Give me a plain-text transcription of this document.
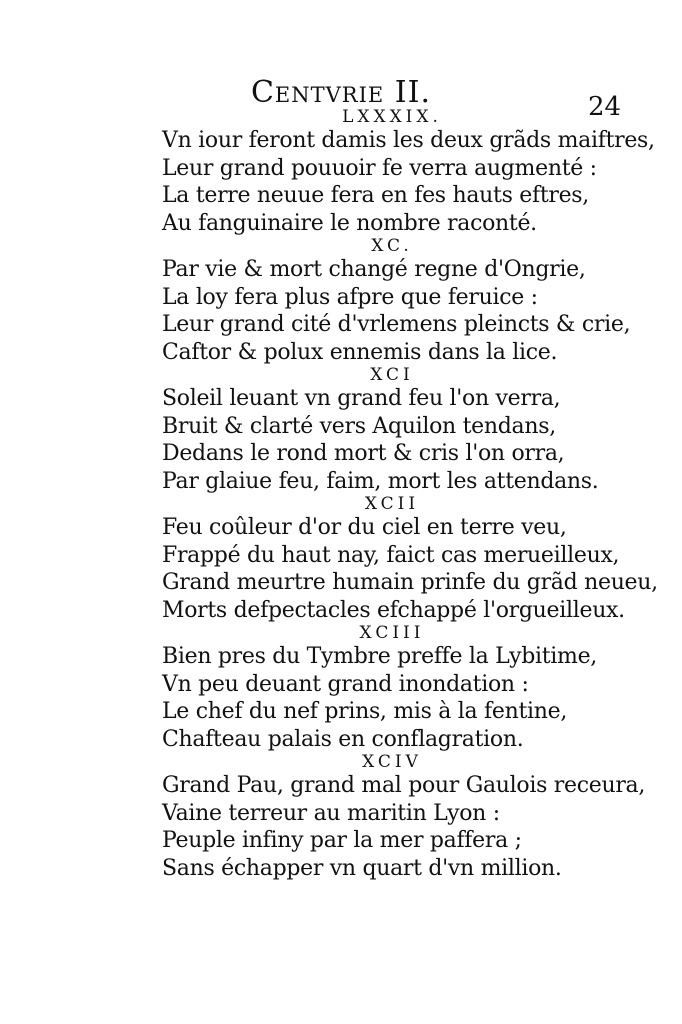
Centvrie II.	24
LXXXIX.
Vn iour feront damis les deux grãds maiftres,
Leur grand pouuoir fe verra augmenté :
La terre neuue fera en fes hauts eftres,
Au fanguinaire le nombre raconté.
XC.
Par vie & mort changé regne d'Ongrie,
La loy fera plus afpre que feruice :
Leur grand cité d'vrlemens pleincts & crie,
Caftor & polux ennemis dans la lice.
XCI
Soleil leuant vn grand feu l'on verra,
Bruit & clarté vers Aquilon tendans,
Dedans le rond mort & cris l'on orra,
Par glaiue feu, faim, mort les attendans.
XCII
Feu coûleur d'or du ciel en terre veu,
Frappé du haut nay, faict cas merueilleux,
Grand meurtre humain prinfe du grãd neueu,
Morts defpectacles efchappé l'orgueilleux.
XCIII
Bien pres du Tymbre preffe la Lybitime,
Vn peu deuant grand inondation :
Le chef du nef prins, mis à la fentine,
Chafteau palais en conflagration.
XCIV
Grand Pau, grand mal pour Gaulois receura,
Vaine terreur au maritin Lyon :
Peuple infiny par la mer paffera ;
Sans échapper vn quart d'vn million.
